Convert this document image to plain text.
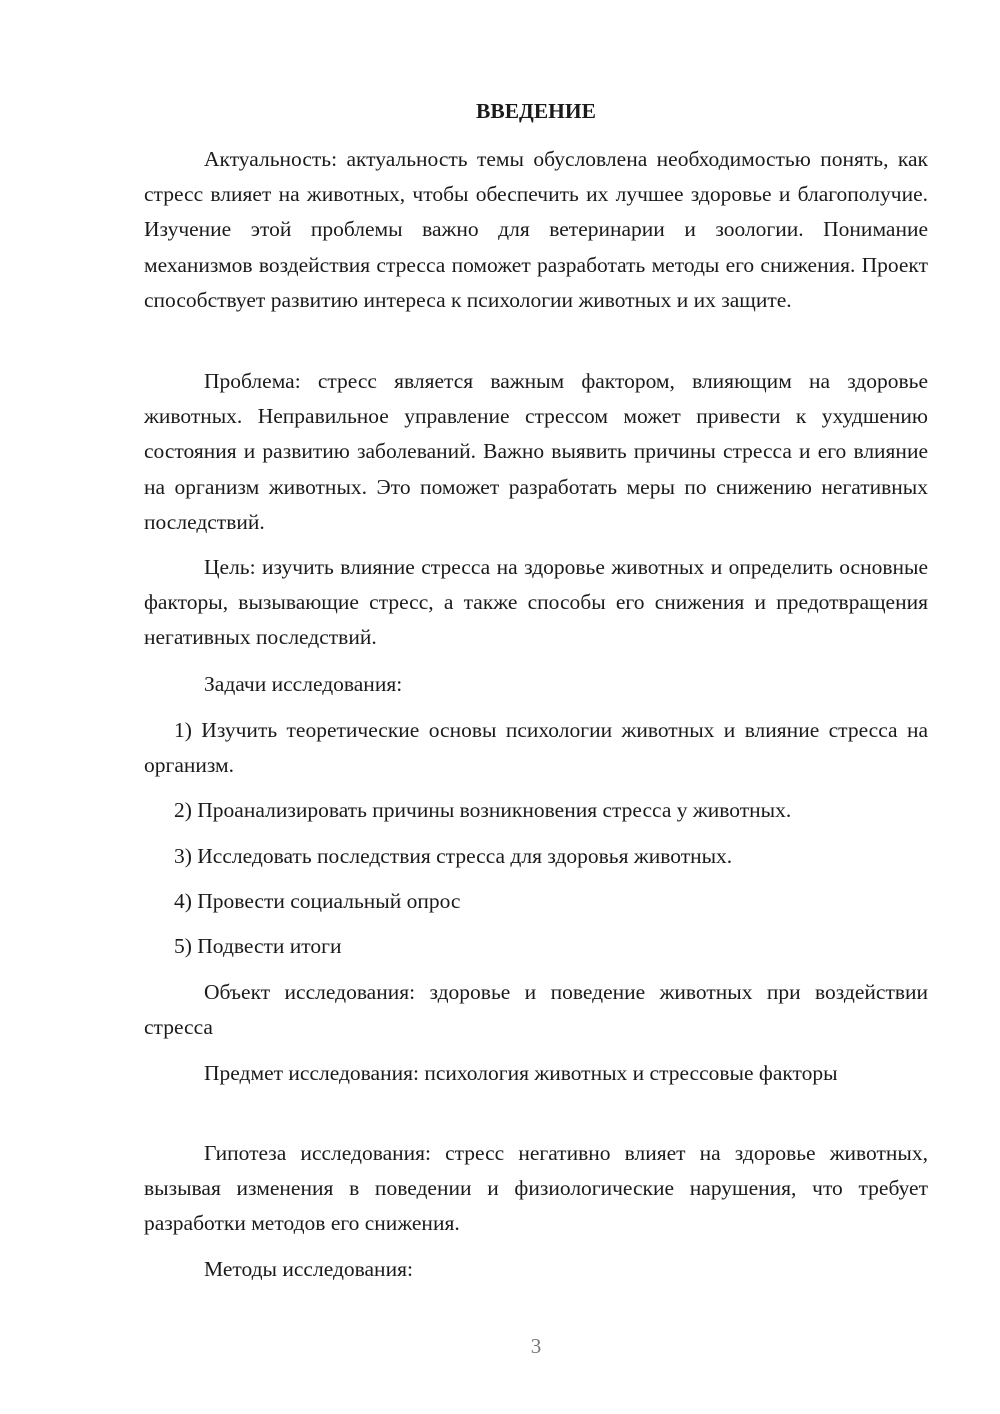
ВВЕДЕНИЕ
Актуальность: актуальность темы обусловлена необходимостью понять, как стресс влияет на животных, чтобы обеспечить их лучшее здоровье и благополучие. Изучение этой проблемы важно для ветеринарии и зоологии. Понимание механизмов воздействия стресса поможет разработать методы его снижения. Проект способствует развитию интереса к психологии животных и их защите.
Проблема: стресс является важным фактором, влияющим на здоровье животных. Неправильное управление стрессом может привести к ухудшению состояния и развитию заболеваний. Важно выявить причины стресса и его влияние на организм животных. Это поможет разработать меры по снижению негативных последствий.
Цель: изучить влияние стресса на здоровье животных и определить основные факторы, вызывающие стресс, а также способы его снижения и предотвращения негативных последствий.
Задачи исследования:
1) Изучить теоретические основы психологии животных и влияние стресса на организм.
2) Проанализировать причины возникновения стресса у животных.
3) Исследовать последствия стресса для здоровья животных.
4) Провести социальный опрос
5) Подвести итоги
Объект исследования: здоровье и поведение животных при воздействии стресса
Предмет исследования: психология животных и стрессовые факторы
Гипотеза исследования: стресс негативно влияет на здоровье животных, вызывая изменения в поведении и физиологические нарушения, что требует разработки методов его снижения.
Методы исследования:
3
